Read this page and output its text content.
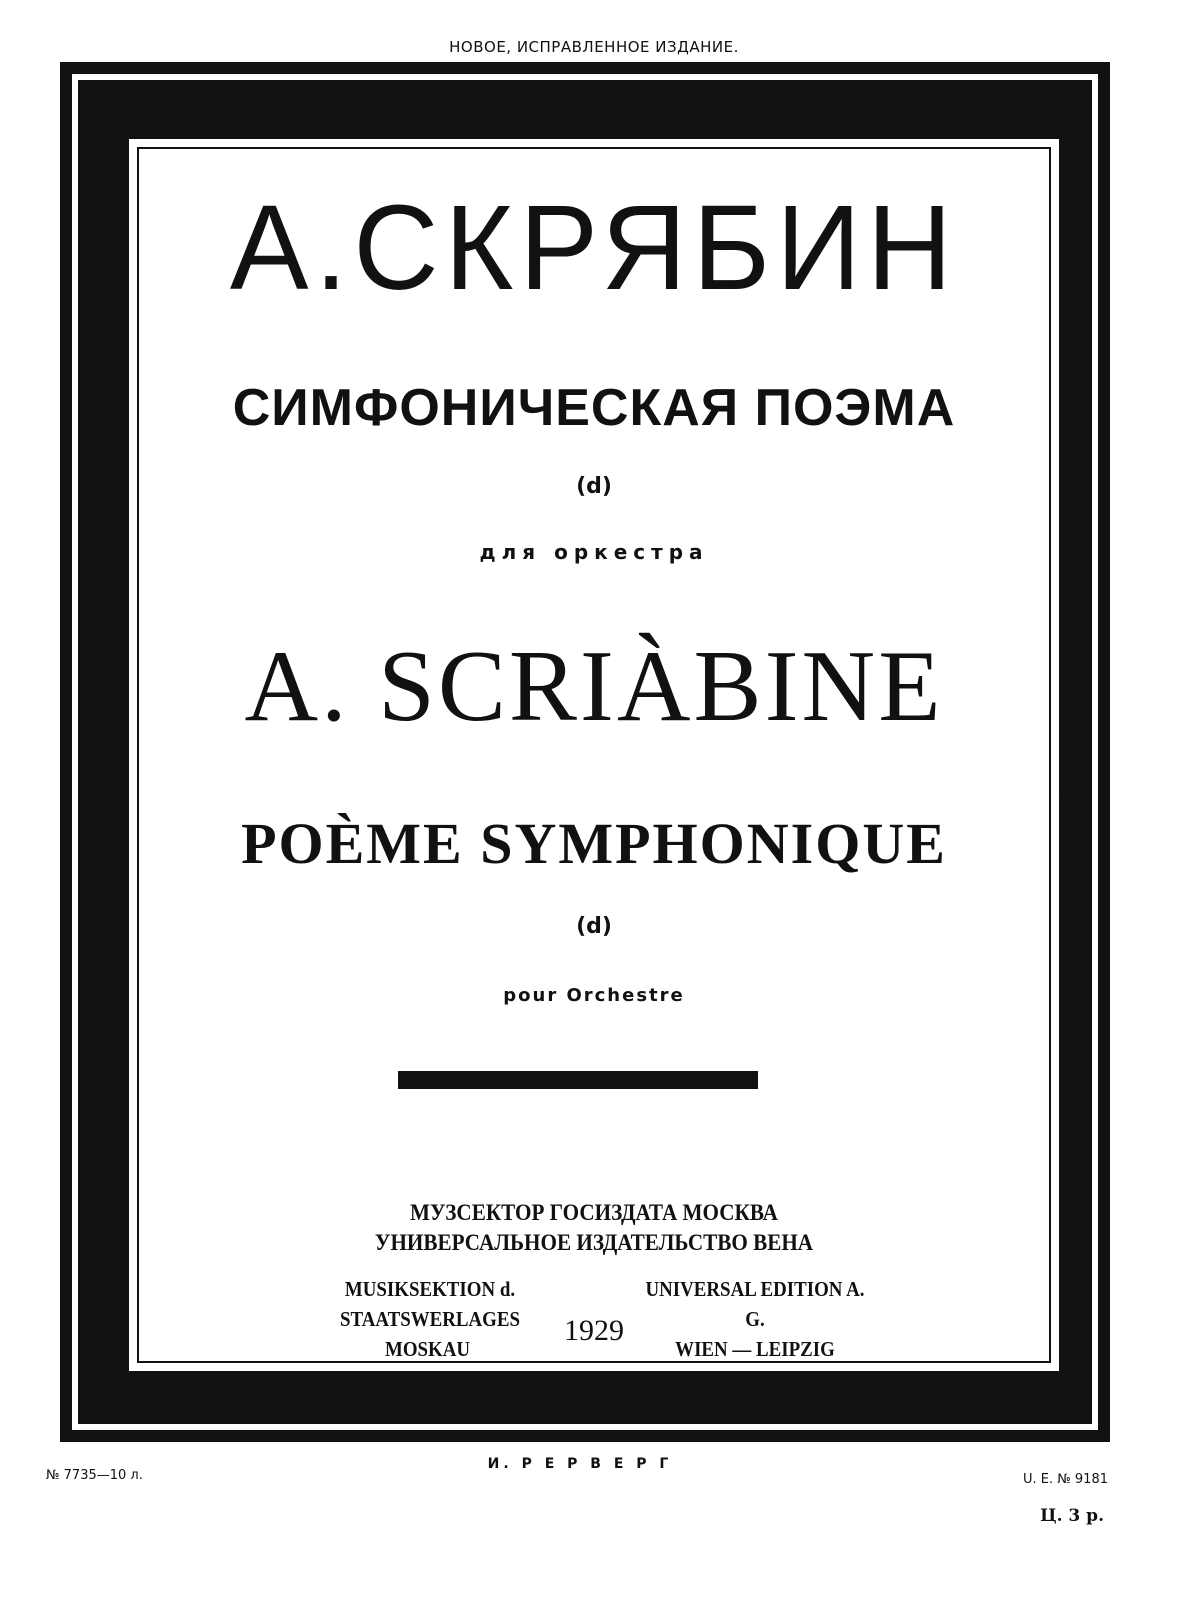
НОВОЕ, ИСПРАВЛЕННОЕ ИЗДАНИЕ.
А.СКРЯБИН
СИМФОНИЧЕСКАЯ ПОЭМА
(d)
для оркестра
A. SCRIÀBINE
POÈME SYMPHONIQUE
(d)
pour Orchestre
МУЗСЕКТОР ГОСИЗДАТА МОСКВА
УНИВЕРСАЛЬНОЕ ИЗДАТЕЛЬСТВО ВЕНА
MUSIKSEKTION d. STAATSWERLAGES
MOSKAU
UNIVERSAL EDITION A. G.
WIEN — LEIPZIG
1929
№ 7735—10 л.
И. Р Е Р В Е Р Г
U. E. № 9181
Ц. 3 р.
